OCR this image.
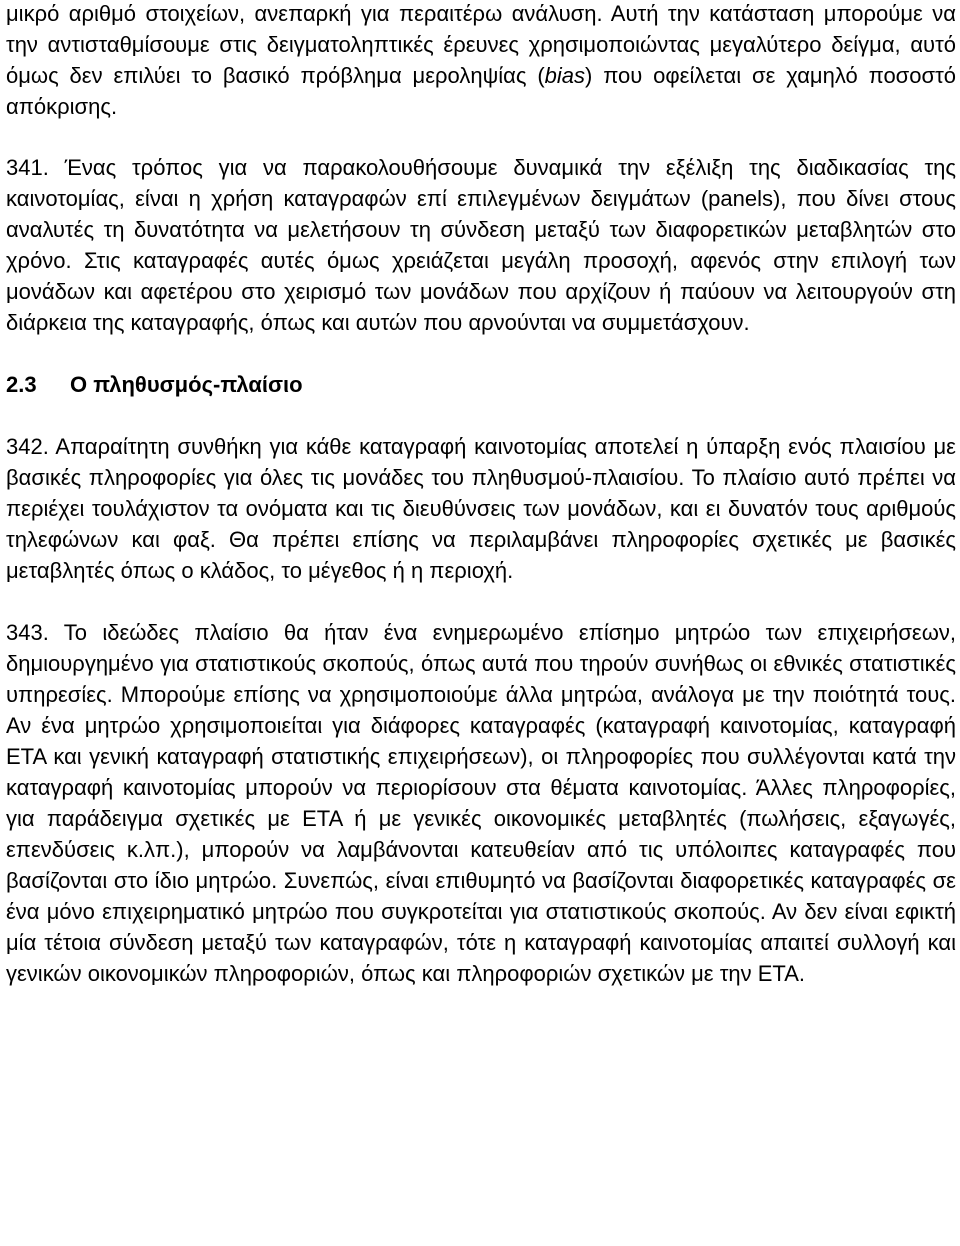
μικρό αριθμό στοιχείων, ανεπαρκή για περαιτέρω ανάλυση. Αυτή την κατάσταση μπορούμε να την αντισταθμίσουμε στις δειγματοληπτικές έρευνες χρησιμοποιώντας μεγαλύτερο δείγμα, αυτό όμως δεν επιλύει το βασικό πρόβλημα μεροληψίας (bias) που οφείλεται σε χαμηλό ποσοστό απόκρισης.

341. Ένας τρόπος για να παρακολουθήσουμε δυναμικά την εξέλιξη της διαδικασίας της καινοτομίας, είναι η χρήση καταγραφών επί επιλεγμένων δειγμάτων (panels), που δίνει στους αναλυτές τη δυνατότητα να μελετήσουν τη σύνδεση μεταξύ των διαφορετικών μεταβλητών στο χρόνο. Στις καταγραφές αυτές όμως χρειάζεται μεγάλη προσοχή, αφενός στην επιλογή των μονάδων και αφετέρου στο χειρισμό των μονάδων που αρχίζουν ή παύουν να λειτουργούν στη διάρκεια της καταγραφής, όπως και αυτών που αρνούνται να συμμετάσχουν.

2.3 Ο πληθυσμός-πλαίσιο

342. Απαραίτητη συνθήκη για κάθε καταγραφή καινοτομίας αποτελεί η ύπαρξη ενός πλαισίου με βασικές πληροφορίες για όλες τις μονάδες του πληθυσμού-πλαισίου. Το πλαίσιο αυτό πρέπει να περιέχει τουλάχιστον τα ονόματα και τις διευθύνσεις των μονάδων, και ει δυνατόν τους αριθμούς τηλεφώνων και φαξ. Θα πρέπει επίσης να περιλαμβάνει πληροφορίες σχετικές με βασικές μεταβλητές όπως ο κλάδος, το μέγεθος ή η περιοχή.

343. Το ιδεώδες πλαίσιο θα ήταν ένα ενημερωμένο επίσημο μητρώο των επιχειρήσεων, δημιουργημένο για στατιστικούς σκοπούς, όπως αυτά που τηρούν συνήθως οι εθνικές στατιστικές υπηρεσίες. Μπορούμε επίσης να χρησιμοποιούμε άλλα μητρώα, ανάλογα με την ποιότητά τους. Αν ένα μητρώο χρησιμοποιείται για διάφορες καταγραφές (καταγραφή καινοτομίας, καταγραφή ΕΤΑ και γενική καταγραφή στατιστικής επιχειρήσεων), οι πληροφορίες που συλλέγονται κατά την καταγραφή καινοτομίας μπορούν να περιορίσουν στα θέματα καινοτομίας. Άλλες πληροφορίες, για παράδειγμα σχετικές με ΕΤΑ ή με γενικές οικονομικές μεταβλητές (πωλήσεις, εξαγωγές, επενδύσεις κ.λπ.), μπορούν να λαμβάνονται κατευθείαν από τις υπόλοιπες καταγραφές που βασίζονται στο ίδιο μητρώο. Συνεπώς, είναι επιθυμητό να βασίζονται διαφορετικές καταγραφές σε ένα μόνο επιχειρηματικό μητρώο που συγκροτείται για στατιστικούς σκοπούς. Αν δεν είναι εφικτή μία τέτοια σύνδεση μεταξύ των καταγραφών, τότε η καταγραφή καινοτομίας απαιτεί συλλογή και γενικών οικονομικών πληροφοριών, όπως και πληροφοριών σχετικών με την ΕΤΑ.
